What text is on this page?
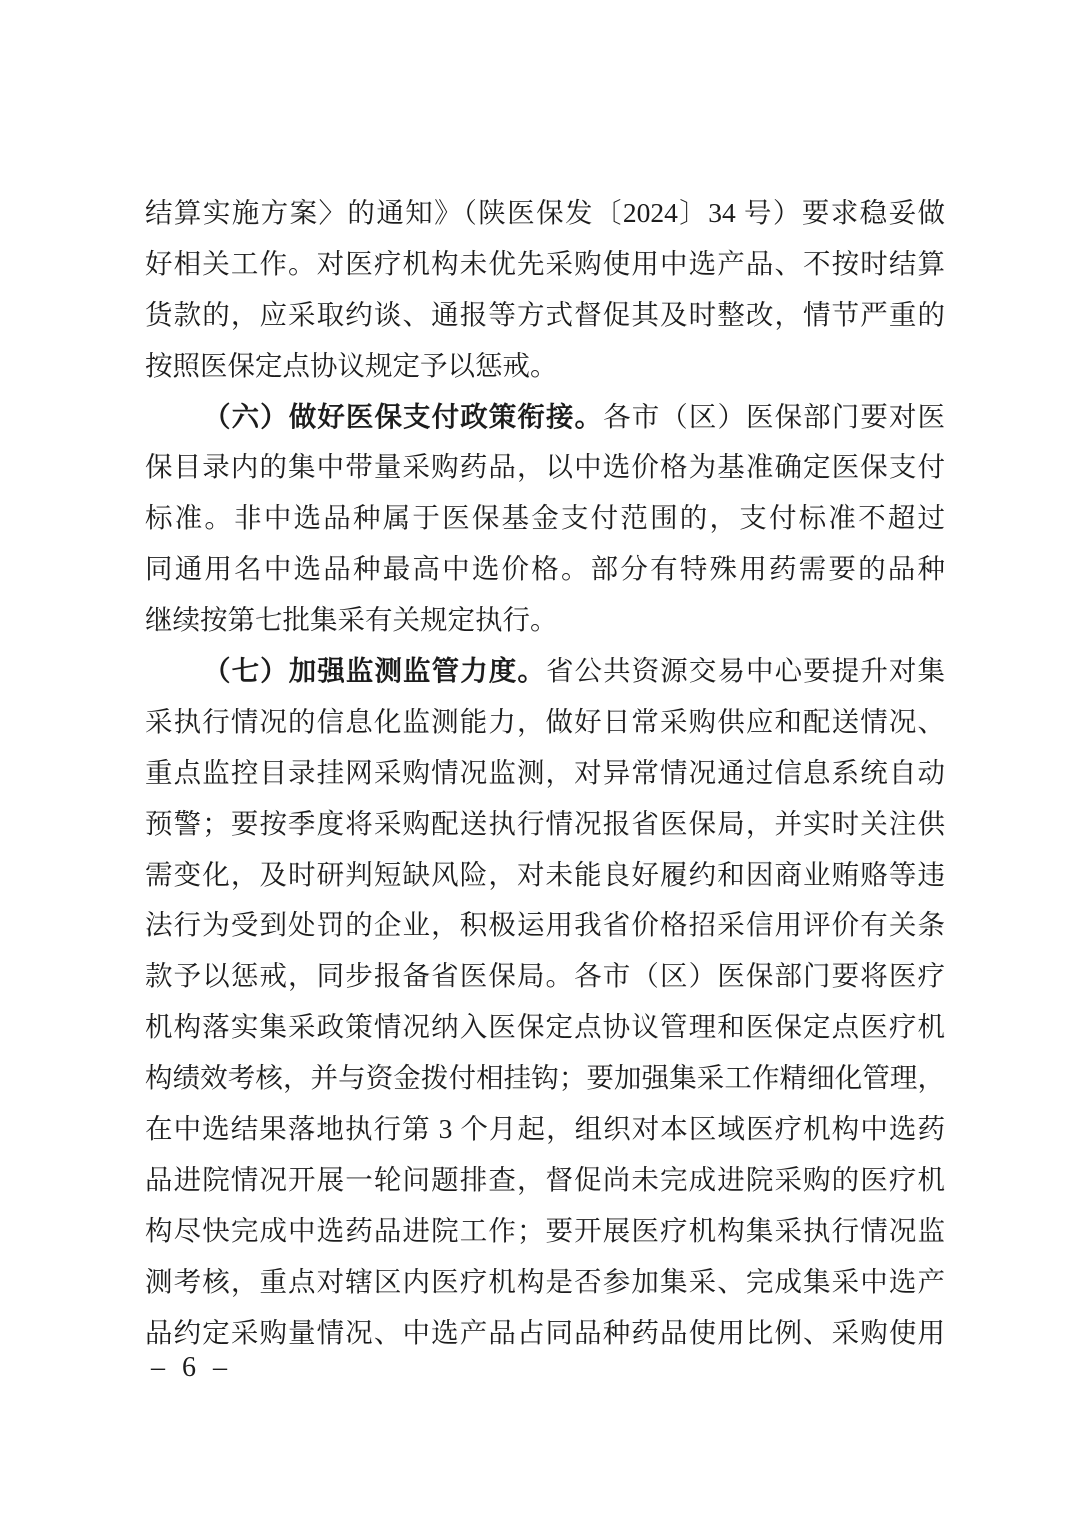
结算实施方案〉的通知》（陕医保发〔2024〕34 号）要求稳妥做

好相关工作。对医疗机构未优先采购使用中选产品、不按时结算

货款的，应采取约谈、通报等方式督促其及时整改，情节严重的

按照医保定点协议规定予以惩戒。

（六）做好医保支付政策衔接。各市（区）医保部门要对医

保目录内的集中带量采购药品，以中选价格为基准确定医保支付

标准。非中选品种属于医保基金支付范围的，支付标准不超过

同通用名中选品种最高中选价格。部分有特殊用药需要的品种

继续按第七批集采有关规定执行。

（七）加强监测监管力度。省公共资源交易中心要提升对集

采执行情况的信息化监测能力，做好日常采购供应和配送情况、

重点监控目录挂网采购情况监测，对异常情况通过信息系统自动

预警；要按季度将采购配送执行情况报省医保局，并实时关注供

需变化，及时研判短缺风险，对未能良好履约和因商业贿赂等违

法行为受到处罚的企业，积极运用我省价格招采信用评价有关条

款予以惩戒，同步报备省医保局。各市（区）医保部门要将医疗

机构落实集采政策情况纳入医保定点协议管理和医保定点医疗机

构绩效考核，并与资金拨付相挂钩；要加强集采工作精细化管理，

在中选结果落地执行第 3 个月起，组织对本区域医疗机构中选药

品进院情况开展一轮问题排查，督促尚未完成进院采购的医疗机

构尽快完成中选药品进院工作；要开展医疗机构集采执行情况监

测考核，重点对辖区内医疗机构是否参加集采、完成集采中选产

品约定采购量情况、中选产品占同品种药品使用比例、采购使用

– 6 –
